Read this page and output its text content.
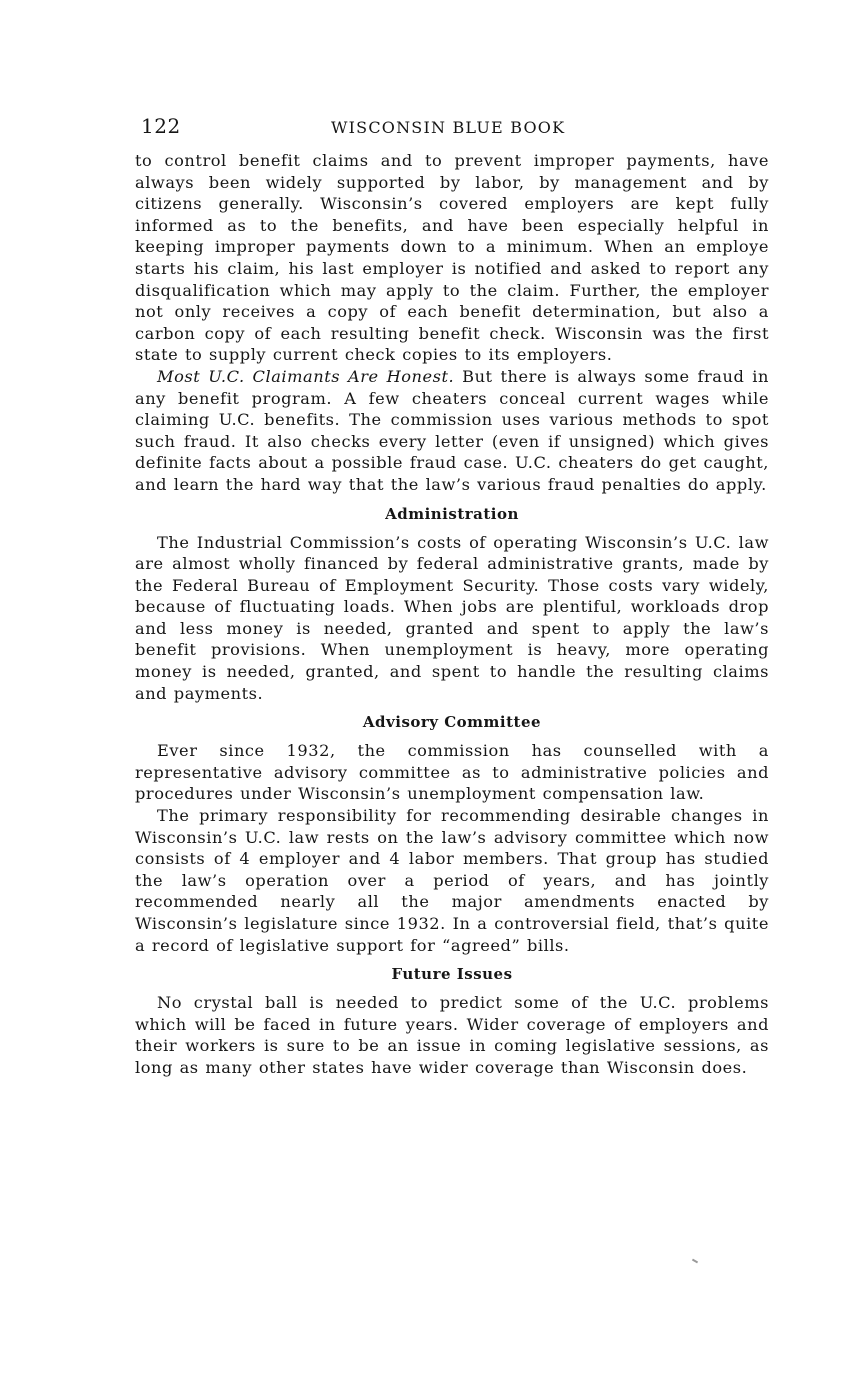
122	WISCONSIN BLUE BOOK

to control benefit claims and to prevent improper payments, have always been widely supported by labor, by management and by citizens generally. Wisconsin’s covered employers are kept fully informed as to the benefits, and have been especially helpful in keeping improper payments down to a minimum. When an employe starts his claim, his last employer is notified and asked to report any disqualification which may apply to the claim. Further, the employer not only receives a copy of each benefit determination, but also a carbon copy of each resulting benefit check. Wisconsin was the first state to supply current check copies to its employers.

Most U.C. Claimants Are Honest. But there is always some fraud in any benefit program. A few cheaters conceal current wages while claiming U.C. benefits. The commission uses various methods to spot such fraud. It also checks every letter (even if unsigned) which gives definite facts about a possible fraud case. U.C. cheaters do get caught, and learn the hard way that the law’s various fraud penalties do apply.

Administration

The Industrial Commission’s costs of operating Wisconsin’s U.C. law are almost wholly financed by federal administrative grants, made by the Federal Bureau of Employment Security. Those costs vary widely, because of fluctuating loads. When jobs are plentiful, workloads drop and less money is needed, granted and spent to apply the law’s benefit provisions. When unemployment is heavy, more operating money is needed, granted, and spent to handle the resulting claims and payments.

Advisory Committee

Ever since 1932, the commission has counselled with a representative advisory committee as to administrative policies and procedures under Wisconsin’s unemployment compensation law.

The primary responsibility for recommending desirable changes in Wisconsin’s U.C. law rests on the law’s advisory committee which now consists of 4 employer and 4 labor members. That group has studied the law’s operation over a period of years, and has jointly recommended nearly all the major amendments enacted by Wisconsin’s legislature since 1932. In a controversial field, that’s quite a record of legislative support for “agreed” bills.

Future Issues

No crystal ball is needed to predict some of the U.C. problems which will be faced in future years. Wider coverage of employers and their workers is sure to be an issue in coming legislative sessions, as long as many other states have wider coverage than Wisconsin does.
